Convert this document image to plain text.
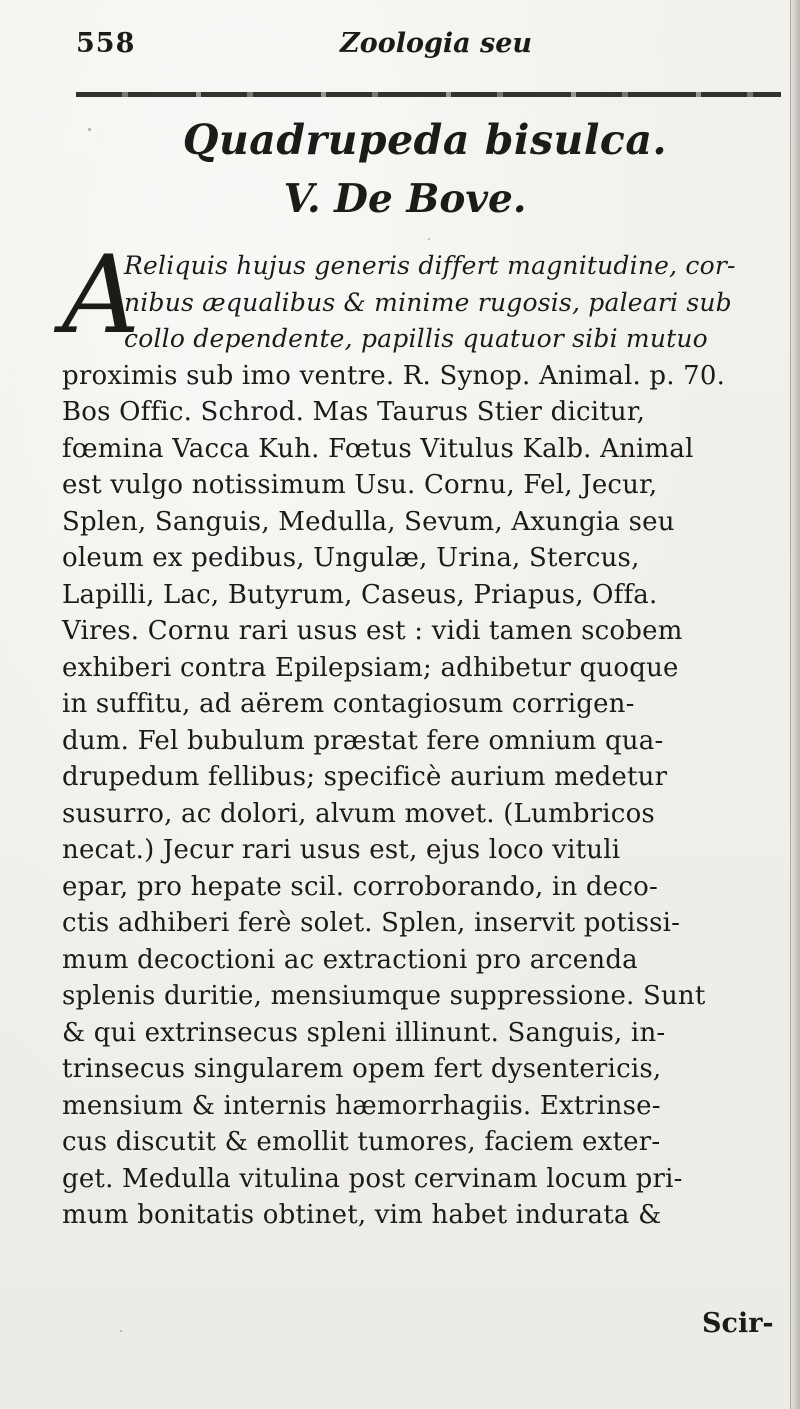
558	Zoologia seu
Quadrupeda bisulca.
V. De Bove.
A
Reliquis hujus generis differt magnitudine, cor-
nibus æqualibus & minime rugosis, paleari sub
collo dependente, papillis quatuor sibi mutuo
proximis sub imo ventre. R. Synop. Animal. p. 70.
Bos Offic. Schrod. Mas Taurus Stier dicitur,
fœmina Vacca Kuh. Fœtus Vitulus Kalb. Animal
est vulgo notissimum Usu. Cornu, Fel, Jecur,
Splen, Sanguis, Medulla, Sevum, Axungia seu
oleum ex pedibus, Ungulæ, Urina, Stercus,
Lapilli, Lac, Butyrum, Caseus, Priapus, Offa.
Vires. Cornu rari usus est : vidi tamen scobem
exhiberi contra Epilepsiam; adhibetur quoque
in suffitu, ad aërem contagiosum corrigen-
dum. Fel bubulum præstat fere omnium qua-
drupedum fellibus; specificè aurium medetur
susurro, ac dolori, alvum movet. (Lumbricos
necat.) Jecur rari usus est, ejus loco vituli
epar, pro hepate scil. corroborando, in deco-
ctis adhiberi ferè solet. Splen, inservit potissi-
mum decoctioni ac extractioni pro arcenda
splenis duritie, mensiumque suppressione. Sunt
& qui extrinsecus spleni illinunt. Sanguis, in-
trinsecus singularem opem fert dysentericis,
mensium & internis hæmorrhagiis. Extrinse-
cus discutit & emollit tumores, faciem exter-
get. Medulla vitulina post cervinam locum pri-
mum bonitatis obtinet, vim habet indurata &
Scir-
